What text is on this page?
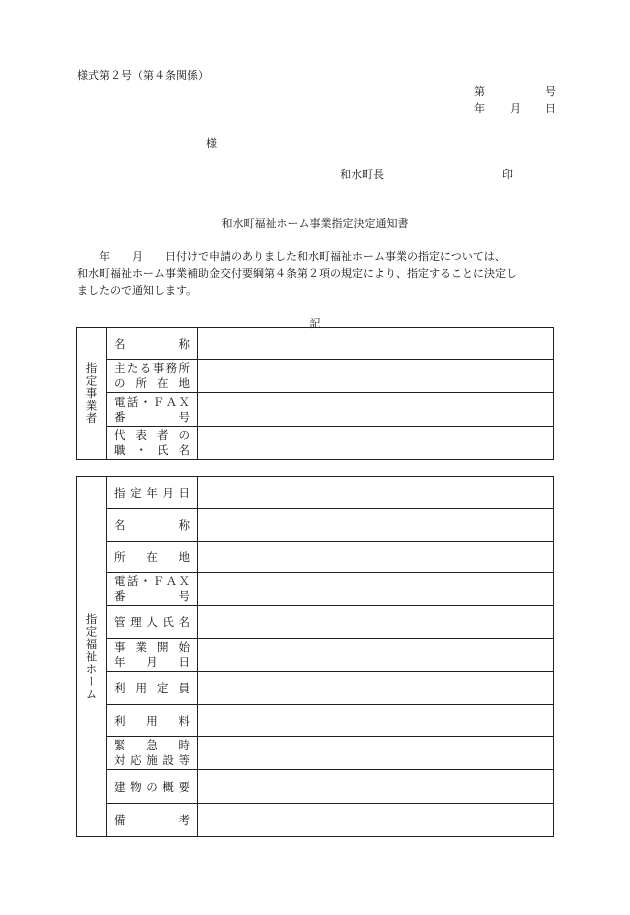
様式第２号（第４条関係）
第	号
年 月 日
様
和水町長	印
和水町福祉ホーム事業指定決定通知書
　　年　　月　　日付けで申請のありました和水町福祉ホーム事業の指定については、
和水町福祉ホーム事業補助金交付要綱第４条第２項の規定により、指定することに決定し
ましたので通知します。
記
指定事業者	名　　　称	

	主たる事務所
の 所 在 地	

	電話・ＦＡＸ
番　　　号	

	代 表 者 の
職 ・ 氏 名	

指定福祉ホーム	指定年月日	

	名　　　称	

	所　在　地	

	電話・ＦＡＸ
番　　　号	

	管理人氏名	

	事 業 開 始
年　月　日	

	利用定員	

	利　用　料	

	緊　急　時
対応施設等	

	建物の概要	

	備　　　考	
